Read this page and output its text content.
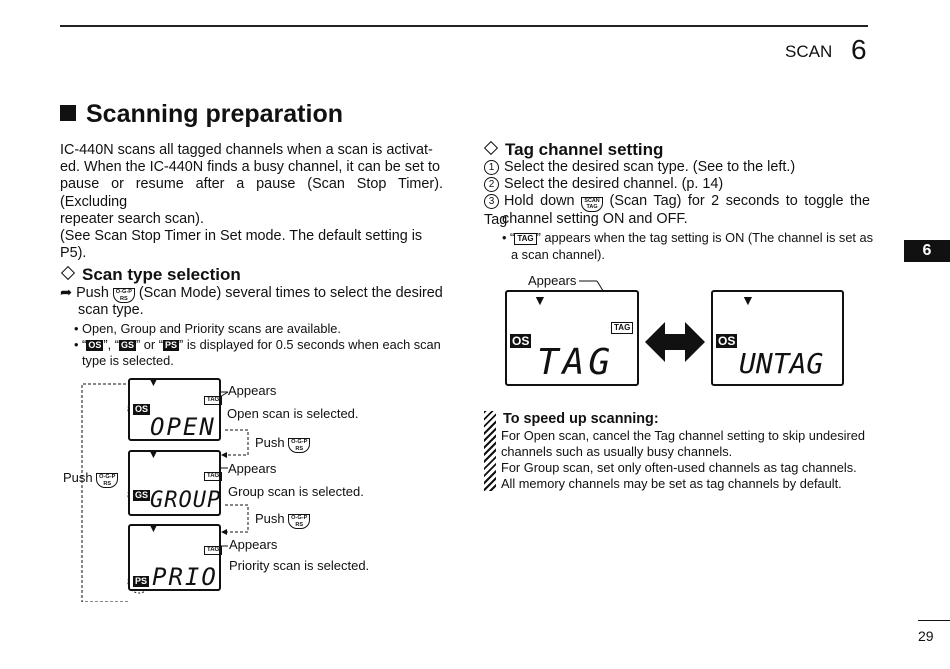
SCAN 6
Scanning preparation
IC-440N scans all tagged channels when a scan is activat-
ed. When the IC-440N finds a busy channel, it can be set to
pause or resume after a pause (Scan Stop Timer). (Excluding
repeater search scan).
(See Scan Stop Timer in Set mode. The default setting is
P5).
Scan type selection
➦ Push O-G-P
RS (Scan Mode) several times to select the desired
scan type.
• Open, Group and Priority scans are available.
• “ OS ”, “ GS ” or “ PS ” is displayed for 0.5 seconds when each scan
type is selected.
▼
TAG
OS
OPEN
▼
TAG
GS GROUP
▼
TAG
PS PRIO
Appears
Open scan is selected.
Push O-G-P
RS
Appears
Group scan is selected.
Push O-G-P
RS
Appears
Priority scan is selected.
Push O-G-P
RS
Tag channel setting
1 Select the desired scan type. (See to the left.)
2 Select the desired channel. (p. 14)
3 Hold down SCAN
TAG (Scan Tag) for 2 seconds to toggle the Tag
channel setting ON and OFF.
• “ TAG ” appears when the tag setting is ON (The channel is set as
a scan channel).
Appears
▼
TAG
OS
TAG
▼
OS
UNTAG
To speed up scanning:
For Open scan, cancel the Tag channel setting to skip undesired
channels such as usually busy channels.
For Group scan, set only often-used channels as tag channels.
All memory channels may be set as tag channels by default.
6
29
